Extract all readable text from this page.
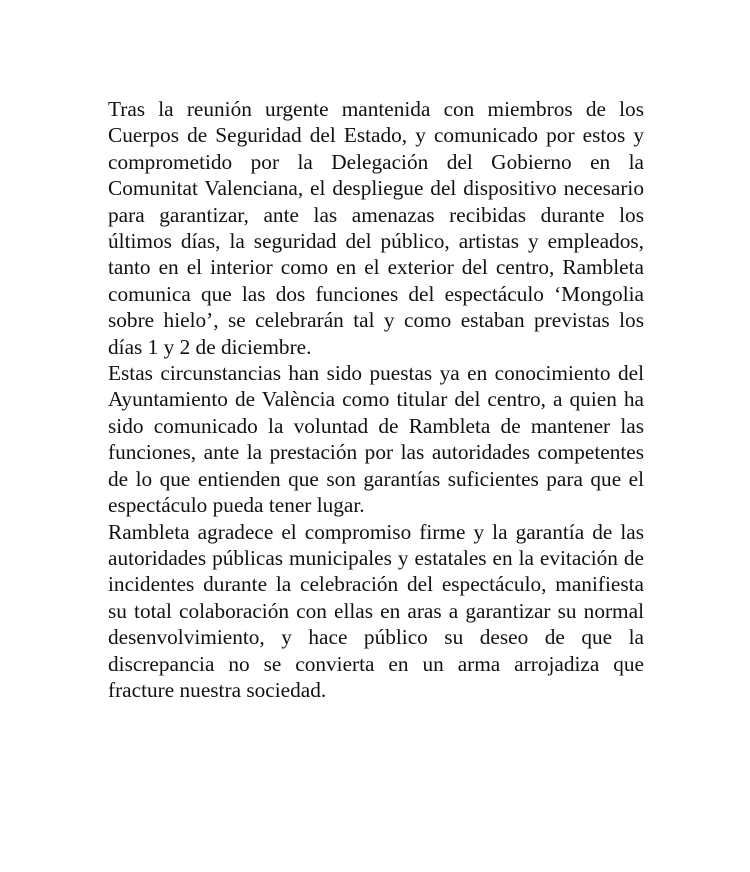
Tras la reunión urgente mantenida con miembros de los Cuerpos de Seguridad del Estado, y comunicado por estos y comprometido por la Delegación del Gobierno en la Comunitat Valenciana, el despliegue del dispositivo necesario para garantizar, ante las amenazas recibidas durante los últimos días, la seguridad del público, artistas y empleados, tanto en el interior como en el exterior del centro, Rambleta comunica que las dos funciones del espectáculo ‘Mongolia sobre hielo’, se celebrarán tal y como estaban previstas los días 1 y 2 de diciembre.

Estas circunstancias han sido puestas ya en conocimiento del Ayuntamiento de València como titular del centro, a quien ha sido comunicado la voluntad de Rambleta de mantener las funciones, ante la prestación por las autoridades competentes de lo que entienden que son garantías suficientes para que el espectáculo pueda tener lugar.

Rambleta agradece el compromiso firme y la garantía de las autoridades públicas municipales y estatales en la evitación de incidentes durante la celebración del espectáculo, manifiesta su total colaboración con ellas en aras a garantizar su normal desenvolvimiento, y hace público su deseo de que la discrepancia no se convierta en un arma arrojadiza que fracture nuestra sociedad.
